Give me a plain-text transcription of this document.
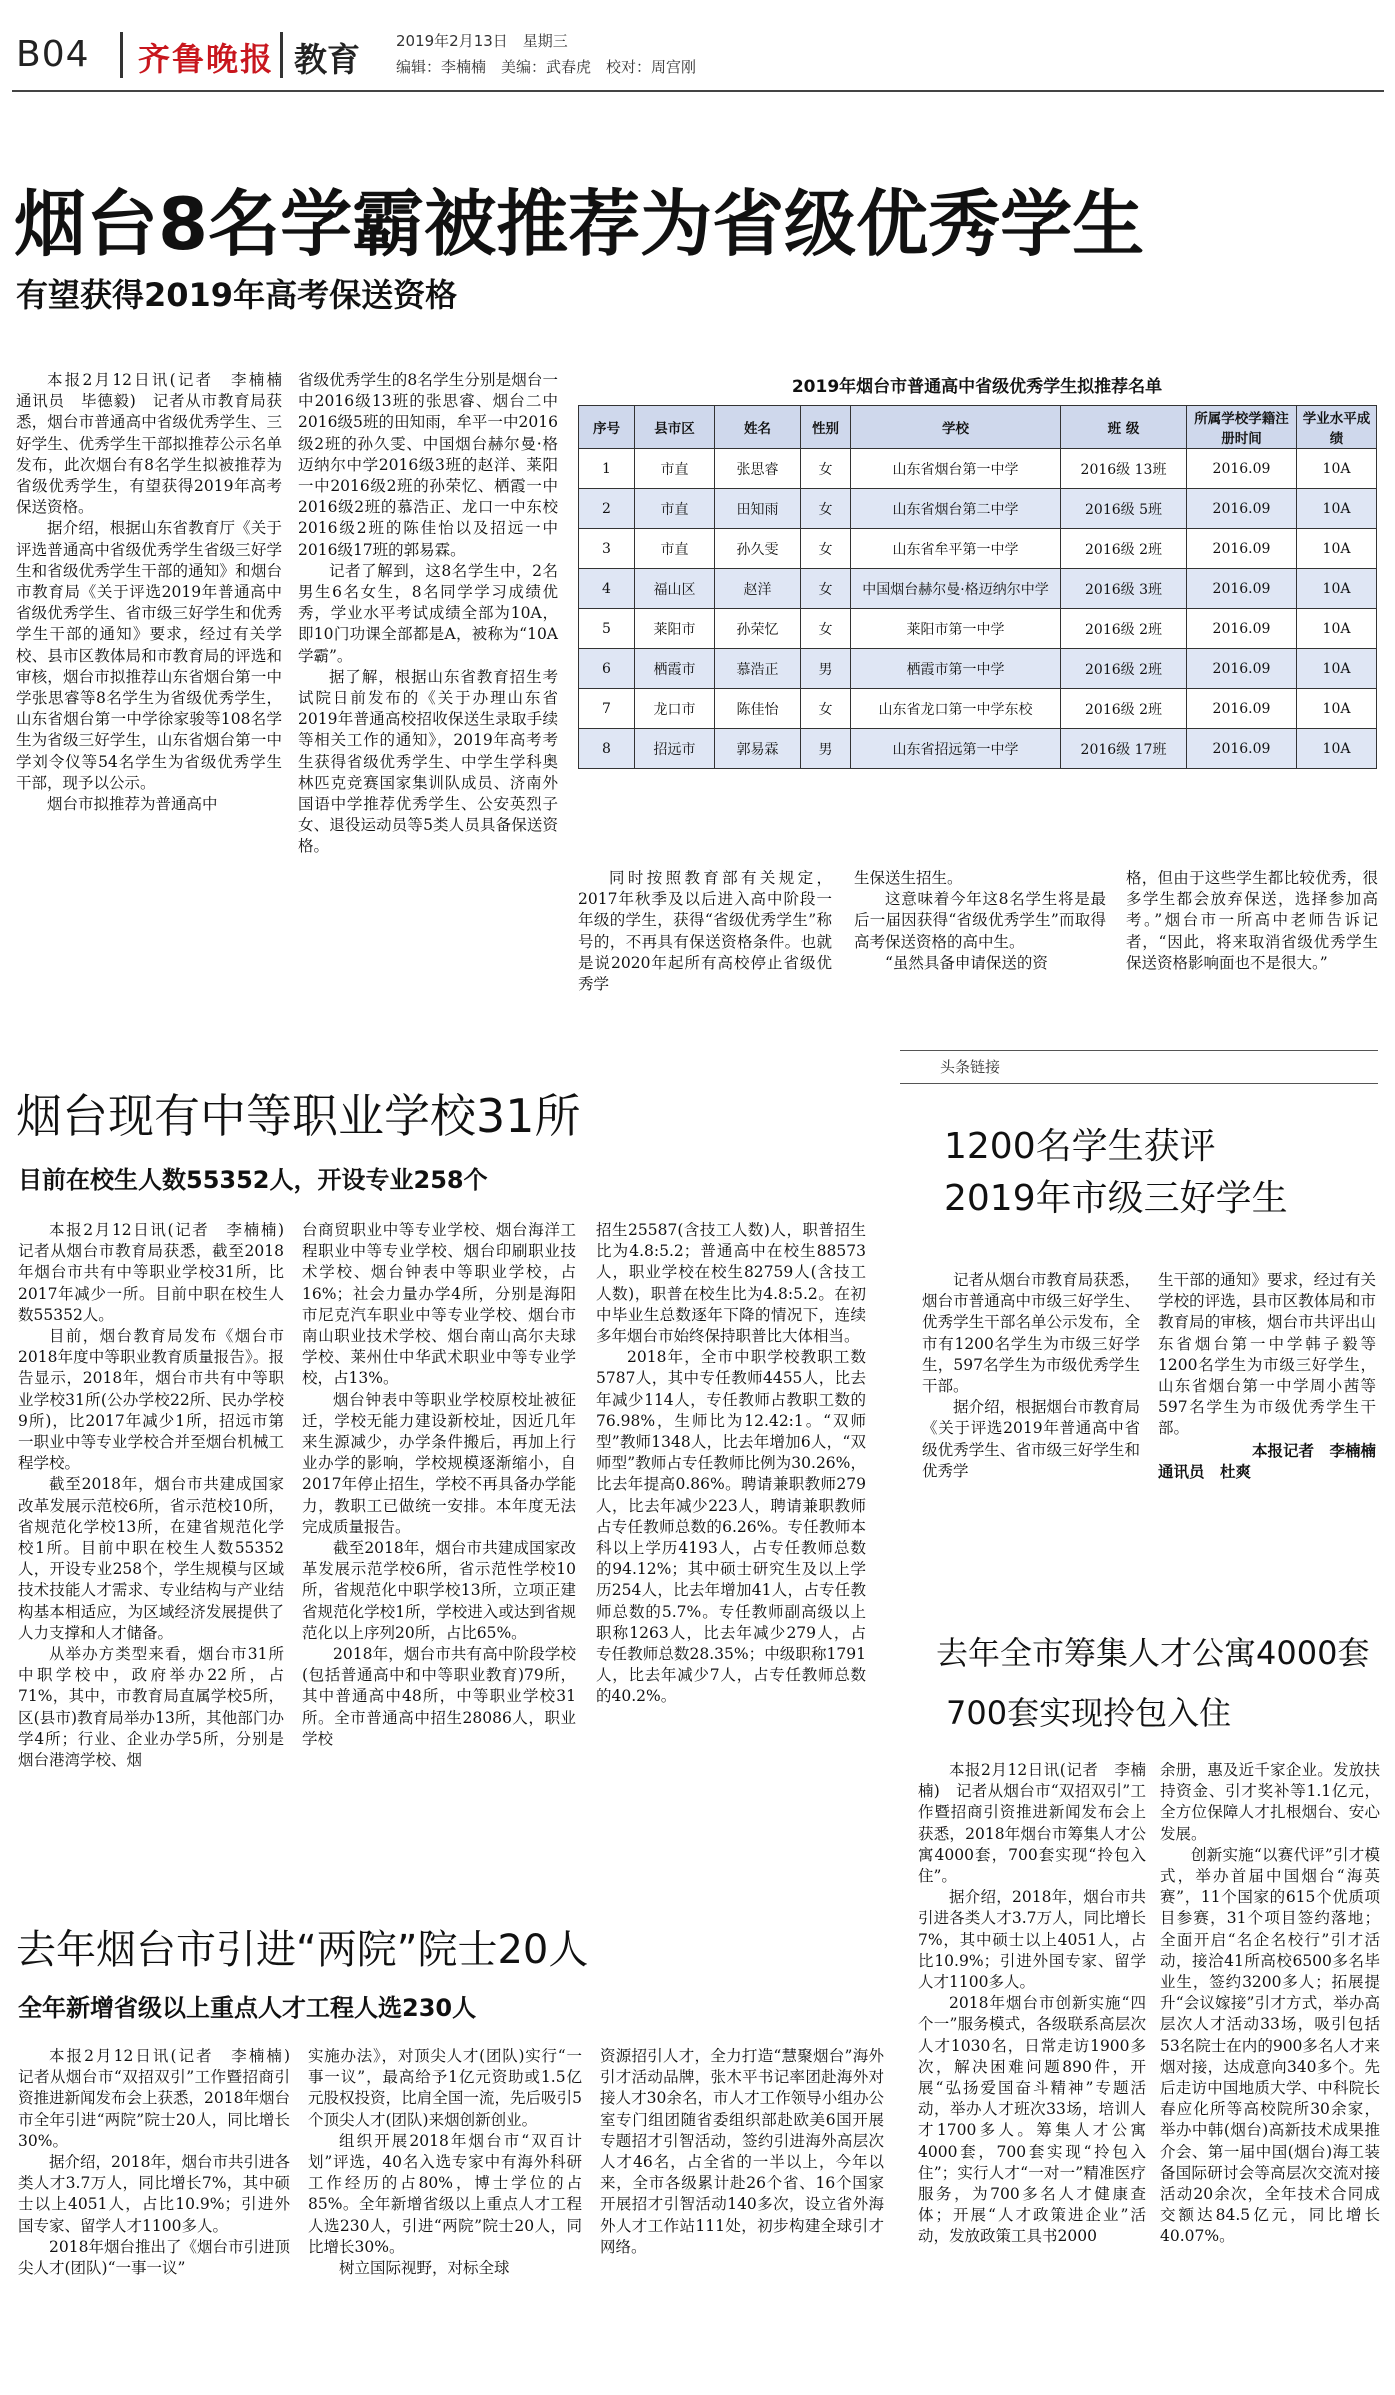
B04 齐鲁晚报 教育 2019年2月13日　星期三
编辑：李楠楠　美编：武春虎　校对：周宫刚
烟台8名学霸被推荐为省级优秀学生
有望获得2019年高考保送资格

本报2月12日讯(记者　李楠楠　通讯员　毕德毅)　记者从市教育局获悉，烟台市普通高中省级优秀学生、三好学生、优秀学生干部拟推荐公示名单发布，此次烟台有8名学生拟被推荐为省级优秀学生，有望获得2019年高考保送资格。

据介绍，根据山东省教育厅《关于评选普通高中省级优秀学生省级三好学生和省级优秀学生干部的通知》和烟台市教育局《关于评选2019年普通高中省级优秀学生、省市级三好学生和优秀学生干部的通知》要求，经过有关学校、县市区教体局和市教育局的评选和审核，烟台市拟推荐山东省烟台第一中学张思睿等8名学生为省级优秀学生，山东省烟台第一中学徐家骏等108名学生为省级三好学生，山东省烟台第一中学刘令仪等54名学生为省级优秀学生干部，现予以公示。

烟台市拟推荐为普通高中

省级优秀学生的8名学生分别是烟台一中2016级13班的张思睿、烟台二中2016级5班的田知雨，牟平一中2016级2班的孙久雯、中国烟台赫尔曼·格迈纳尔中学2016级3班的赵洋、莱阳一中2016级2班的孙荣忆、栖霞一中2016级2班的慕浩正、龙口一中东校2016级2班的陈佳怡以及招远一中2016级17班的郭易霖。

记者了解到，这8名学生中，2名男生6名女生，8名同学学习成绩优秀，学业水平考试成绩全部为10A，即10门功课全部都是A，被称为“10A学霸”。

据了解，根据山东省教育招生考试院日前发布的《关于办理山东省2019年普通高校招收保送生录取手续等相关工作的通知》，2019年高考考生获得省级优秀学生、中学生学科奥林匹克竞赛国家集训队成员、济南外国语中学推荐优秀学生、公安英烈子女、退役运动员等5类人员具备保送资格。

2019年烟台市普通高中省级优秀学生拟推荐名单
序号	县市区	姓名	性别	学校	班 级	所属学校学籍注册时间	学业水平成绩
1	市直	张思睿	女	山东省烟台第一中学	2016级 13班	2016.09	10A
2	市直	田知雨	女	山东省烟台第二中学	2016级 5班	2016.09	10A
3	市直	孙久雯	女	山东省牟平第一中学	2016级 2班	2016.09	10A
4	福山区	赵洋	女	中国烟台赫尔曼·格迈纳尔中学	2016级 3班	2016.09	10A
5	莱阳市	孙荣忆	女	莱阳市第一中学	2016级 2班	2016.09	10A
6	栖霞市	慕浩正	男	栖霞市第一中学	2016级 2班	2016.09	10A
7	龙口市	陈佳怡	女	山东省龙口第一中学东校	2016级 2班	2016.09	10A
8	招远市	郭易霖	男	山东省招远第一中学	2016级 17班	2016.09	10A

同时按照教育部有关规定，2017年秋季及以后进入高中阶段一年级的学生，获得“省级优秀学生”称号的，不再具有保送资格条件。也就是说2020年起所有高校停止省级优秀学

生保送生招生。

这意味着今年这8名学生将是最后一届因获得“省级优秀学生”而取得高考保送资格的高中生。

“虽然具备申请保送的资

格，但由于这些学生都比较优秀，很多学生都会放弃保送，选择参加高考。”烟台市一所高中老师告诉记者，“因此，将来取消省级优秀学生保送资格影响面也不是很大。”

烟台现有中等职业学校31所
目前在校生人数55352人，开设专业258个

本报2月12日讯(记者　李楠楠)　记者从烟台市教育局获悉，截至2018年烟台市共有中等职业学校31所，比2017年减少一所。目前中职在校生人数55352人。

目前，烟台教育局发布《烟台市2018年度中等职业教育质量报告》。报告显示，2018年，烟台市共有中等职业学校31所(公办学校22所、民办学校9所)，比2017年减少1所，招远市第一职业中等专业学校合并至烟台机械工程学校。

截至2018年，烟台市共建成国家改革发展示范校6所，省示范校10所，省规范化学校13所，在建省规范化学校1所。目前中职在校生人数55352人，开设专业258个，学生规模与区域技术技能人才需求、专业结构与产业结构基本相适应，为区域经济发展提供了人力支撑和人才储备。

从举办方类型来看，烟台市31所中职学校中，政府举办22所，占71%，其中，市教育局直属学校5所，区(县市)教育局举办13所，其他部门办学4所；行业、企业办学5所，分别是烟台港湾学校、烟

台商贸职业中等专业学校、烟台海洋工程职业中等专业学校、烟台印刷职业技术学校、烟台钟表中等职业学校，占16%；社会力量办学4所，分别是海阳市尼克汽车职业中等专业学校、烟台市南山职业技术学校、烟台南山高尔夫球学校、莱州仕中华武术职业中等专业学校，占13%。

烟台钟表中等职业学校原校址被征迁，学校无能力建设新校址，因近几年来生源减少，办学条件搬后，再加上行业办学的影响，学校规模逐渐缩小，自2017年停止招生，学校不再具备办学能力，教职工已做统一安排。本年度无法完成质量报告。

截至2018年，烟台市共建成国家改革发展示范学校6所，省示范性学校10所，省规范化中职学校13所，立项正建省规范化学校1所，学校进入或达到省规范化以上序列20所，占比65%。

2018年，烟台市共有高中阶段学校(包括普通高中和中等职业教育)79所，其中普通高中48所，中等职业学校31所。全市普通高中招生28086人，职业学校

招生25587(含技工人数)人，职普招生比为4.8:5.2；普通高中在校生88573人，职业学校在校生82759人(含技工人数)，职普在校生比为4.8:5.2。在初中毕业生总数逐年下降的情况下，连续多年烟台市始终保持职普比大体相当。

2018年，全市中职学校教职工数5787人，其中专任教师4455人，比去年减少114人，专任教师占教职工数的76.98%，生师比为12.42:1。“双师型”教师1348人，比去年增加6人，“双师型”教师占专任教师比例为30.26%，比去年提高0.86%。聘请兼职教师279人，比去年减少223人，聘请兼职教师占专任教师总数的6.26%。专任教师本科以上学历4193人，占专任教师总数的94.12%；其中硕士研究生及以上学历254人，比去年增加41人，占专任教师总数的5.7%。专任教师副高级以上职称1263人，比去年减少279人，占专任教师总数28.35%；中级职称1791人，比去年减少7人，占专任教师总数的40.2%。

头条链接
1200名学生获评
2019年市级三好学生

记者从烟台市教育局获悉，烟台市普通高中市级三好学生、优秀学生干部名单公示发布，全市有1200名学生为市级三好学生，597名学生为市级优秀学生干部。

据介绍，根据烟台市教育局《关于评选2019年普通高中省级优秀学生、省市级三好学生和优秀学

生干部的通知》要求，经过有关学校的评选，县市区教体局和市教育局的审核，烟台市共评出山东省烟台第一中学韩子毅等1200名学生为市级三好学生，山东省烟台第一中学周小茜等597名学生为市级优秀学生干部。

本报记者　李楠楠

通讯员　杜爽

去年全市筹集人才公寓4000套
700套实现拎包入住

本报2月12日讯(记者　李楠楠)　记者从烟台市“双招双引”工作暨招商引资推进新闻发布会上获悉，2018年烟台市筹集人才公寓4000套，700套实现“拎包入住”。

据介绍，2018年，烟台市共引进各类人才3.7万人，同比增长7%，其中硕士以上4051人，占比10.9%；引进外国专家、留学人才1100多人。

2018年烟台市创新实施“四个一”服务模式，各级联系高层次人才1030名，日常走访1900多次，解决困难问题890件，开展“弘扬爱国奋斗精神”专题活动，举办人才班次33场，培训人才1700多人。筹集人才公寓4000套，700套实现“拎包入住”；实行人才“一对一”精准医疗服务，为700多名人才健康查体；开展“人才政策进企业”活动，发放政策工具书2000

余册，惠及近千家企业。发放扶持资金、引才奖补等1.1亿元，全方位保障人才扎根烟台、安心发展。

创新实施“以赛代评”引才模式，举办首届中国烟台“海英赛”，11个国家的615个优质项目参赛，31个项目签约落地；全面开启“名企名校行”引才活动，接洽41所高校6500多名毕业生，签约3200多人；拓展提升“会议嫁接”引才方式，举办高层次人才活动33场，吸引包括53名院士在内的900多名人才来烟对接，达成意向340多个。先后走访中国地质大学、中科院长春应化所等高校院所30余家，举办中韩(烟台)高新技术成果推介会、第一届中国(烟台)海工装备国际研讨会等高层次交流对接活动20余次，全年技术合同成交额达84.5亿元，同比增长40.07%。

去年烟台市引进“两院”院士20人
全年新增省级以上重点人才工程人选230人

本报2月12日讯(记者　李楠楠)　记者从烟台市“双招双引”工作暨招商引资推进新闻发布会上获悉，2018年烟台市全年引进“两院”院士20人，同比增长30%。

据介绍，2018年，烟台市共引进各类人才3.7万人，同比增长7%，其中硕士以上4051人，占比10.9%；引进外国专家、留学人才1100多人。

2018年烟台推出了《烟台市引进顶尖人才(团队)“一事一议”

实施办法》，对顶尖人才(团队)实行“一事一议”，最高给予1亿元资助或1.5亿元股权投资，比肩全国一流，先后吸引5个顶尖人才(团队)来烟创新创业。

组织开展2018年烟台市“双百计划”评选，40名入选专家中有海外科研工作经历的占80%，博士学位的占85%。全年新增省级以上重点人才工程人选230人，引进“两院”院士20人，同比增长30%。

树立国际视野，对标全球

资源招引人才，全力打造“慧聚烟台”海外引才活动品牌，张木平书记率团赴海外对接人才30余名，市人才工作领导小组办公室专门组团随省委组织部赴欧美6国开展专题招才引智活动，签约引进海外高层次人才46名，占全省的一半以上，今年以来，全市各级累计赴26个省、16个国家开展招才引智活动140多次，设立省外海外人才工作站111处，初步构建全球引才网络。
